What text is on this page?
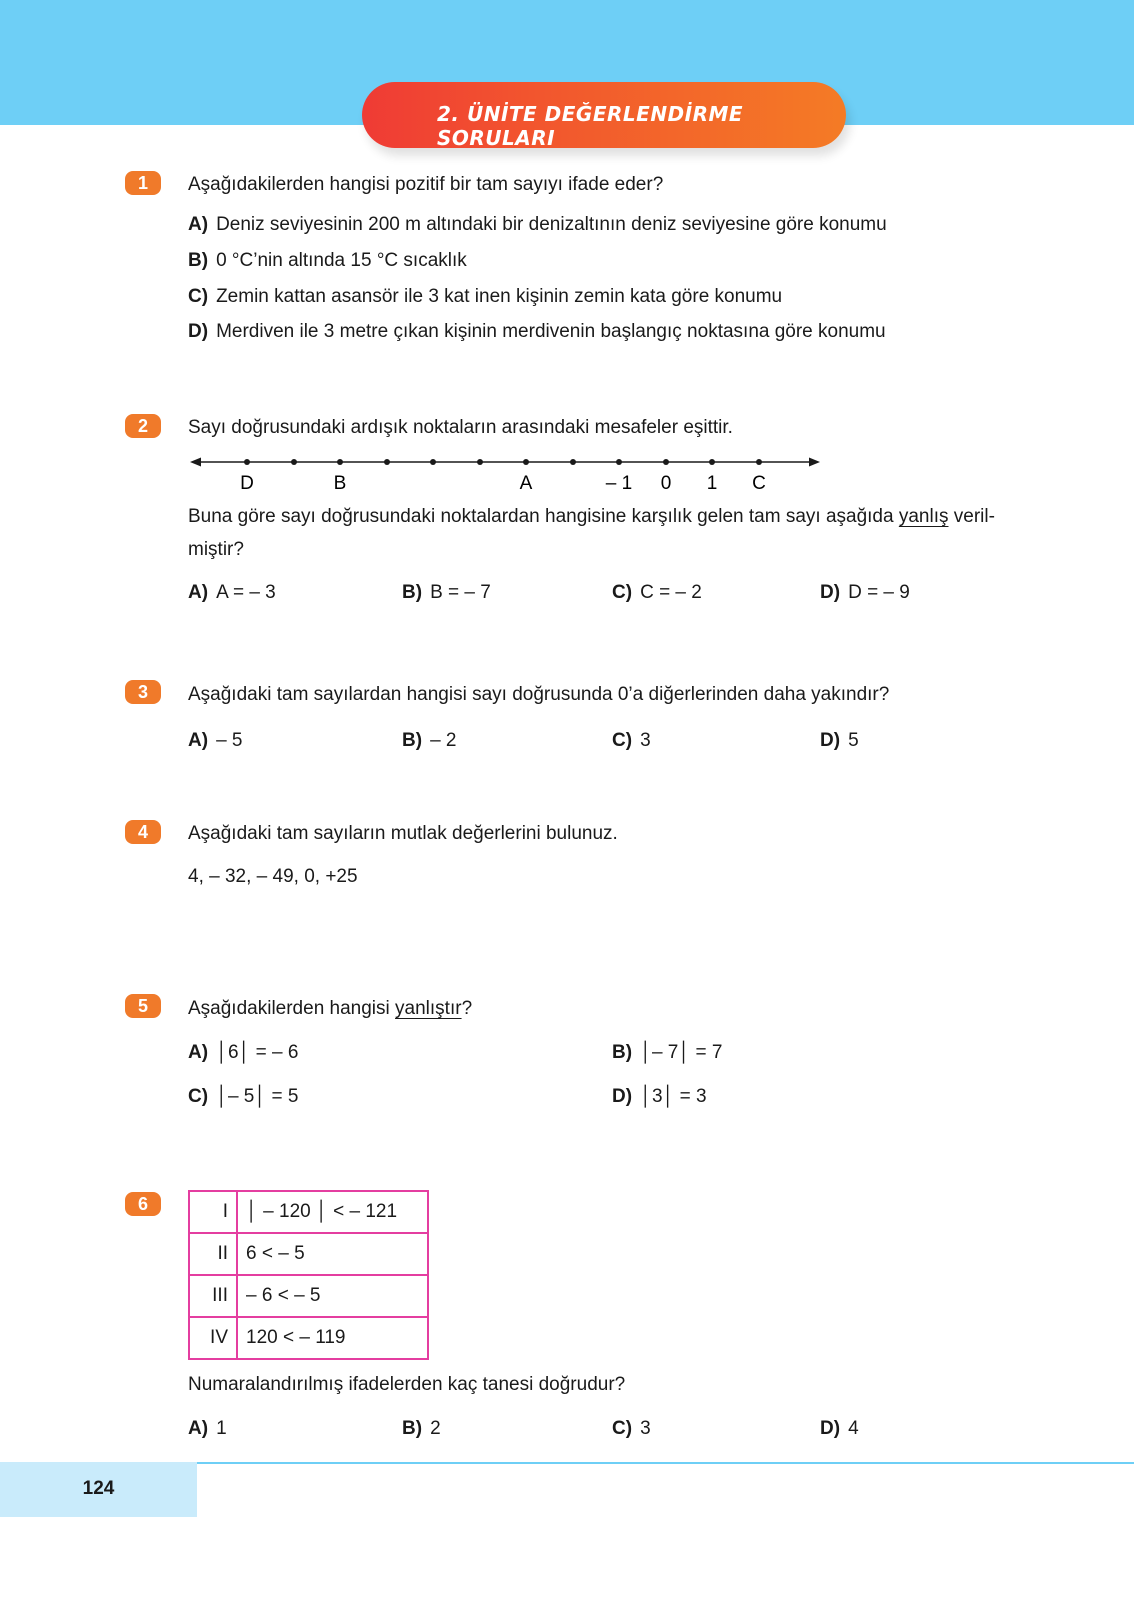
2. ÜNİTE DEĞERLENDİRME SORULARI
1	Aşağıdakilerden hangisi pozitif bir tam sayıyı ifade eder?
A) Deniz seviyesinin 200 m altındaki bir denizaltının deniz seviyesine göre konumu
B) 0 °C’nin altında 15 °C sıcaklık
C) Zemin kattan asansör ile 3 kat inen kişinin zemin kata göre konumu
D) Merdiven ile 3 metre çıkan kişinin merdivenin başlangıç noktasına göre konumu
2	Sayı doğrusundaki ardışık noktaların arasındaki mesafeler eşittir.
D	B	A	– 1 0 1 C
Buna göre sayı doğrusundaki noktalardan hangisine karşılık gelen tam sayı aşağıda yanlış veril-
miştir?
A) A = – 3	B) B = – 7	C) C = – 2	D) D = – 9
3	Aşağıdaki tam sayılardan hangisi sayı doğrusunda 0’a diğerlerinden daha yakındır?
A) – 5	B) – 2	C) 3	D) 5
4	Aşağıdaki tam sayıların mutlak değerlerini bulunuz.
4, – 32, – 49, 0, +25
5	Aşağıdakilerden hangisi yanlıştır?
A) │6│ = – 6	B) │– 7│ = 7
C) │– 5│ = 5	D) │3│ = 3
6	I	│ – 120 │ < – 121
II	6 < – 5
III	– 6 < – 5
IV	120 < – 119
Numaralandırılmış ifadelerden kaç tanesi doğrudur?
A) 1	B) 2	C) 3	D) 4
124
